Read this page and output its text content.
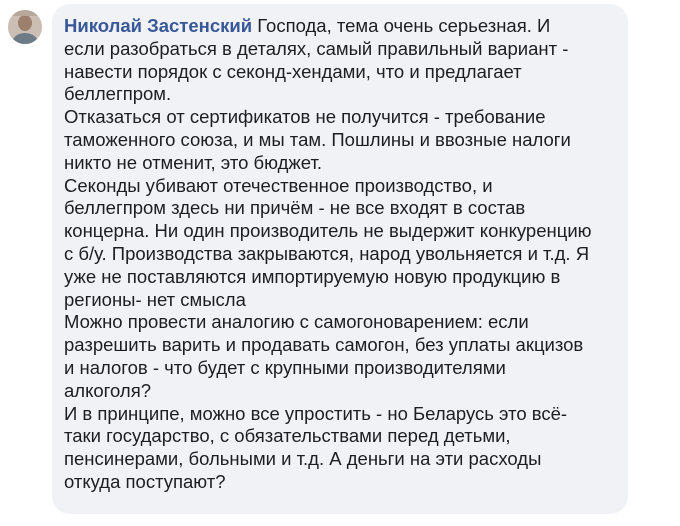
Николай Застенский Господа, тема очень серьезная. И
если разобраться в деталях, самый правильный вариант -
навести порядок с секонд-хендами, что и предлагает
беллегпром.
Отказаться от сертификатов не получится - требование
таможенного союза, и мы там. Пошлины и ввозные налоги
никто не отменит, это бюджет.
Секонды убивают отечественное производство, и
беллегпром здесь ни причём - не все входят в состав
концерна. Ни один производитель не выдержит конкуренцию
с б/у. Производства закрываются, народ увольняется и т.д. Я
уже не поставляются импортируемую новую продукцию в
регионы- нет смысла
Можно провести аналогию с самогоноварением: если
разрешить варить и продавать самогон, без уплаты акцизов
и налогов - что будет с крупными производителями
алкоголя?
И в принципе, можно все упростить - но Беларусь это всё-
таки государство, с обязательствами перед детьми,
пенсинерами, больными и т.д. А деньги на эти расходы
откуда поступают?
